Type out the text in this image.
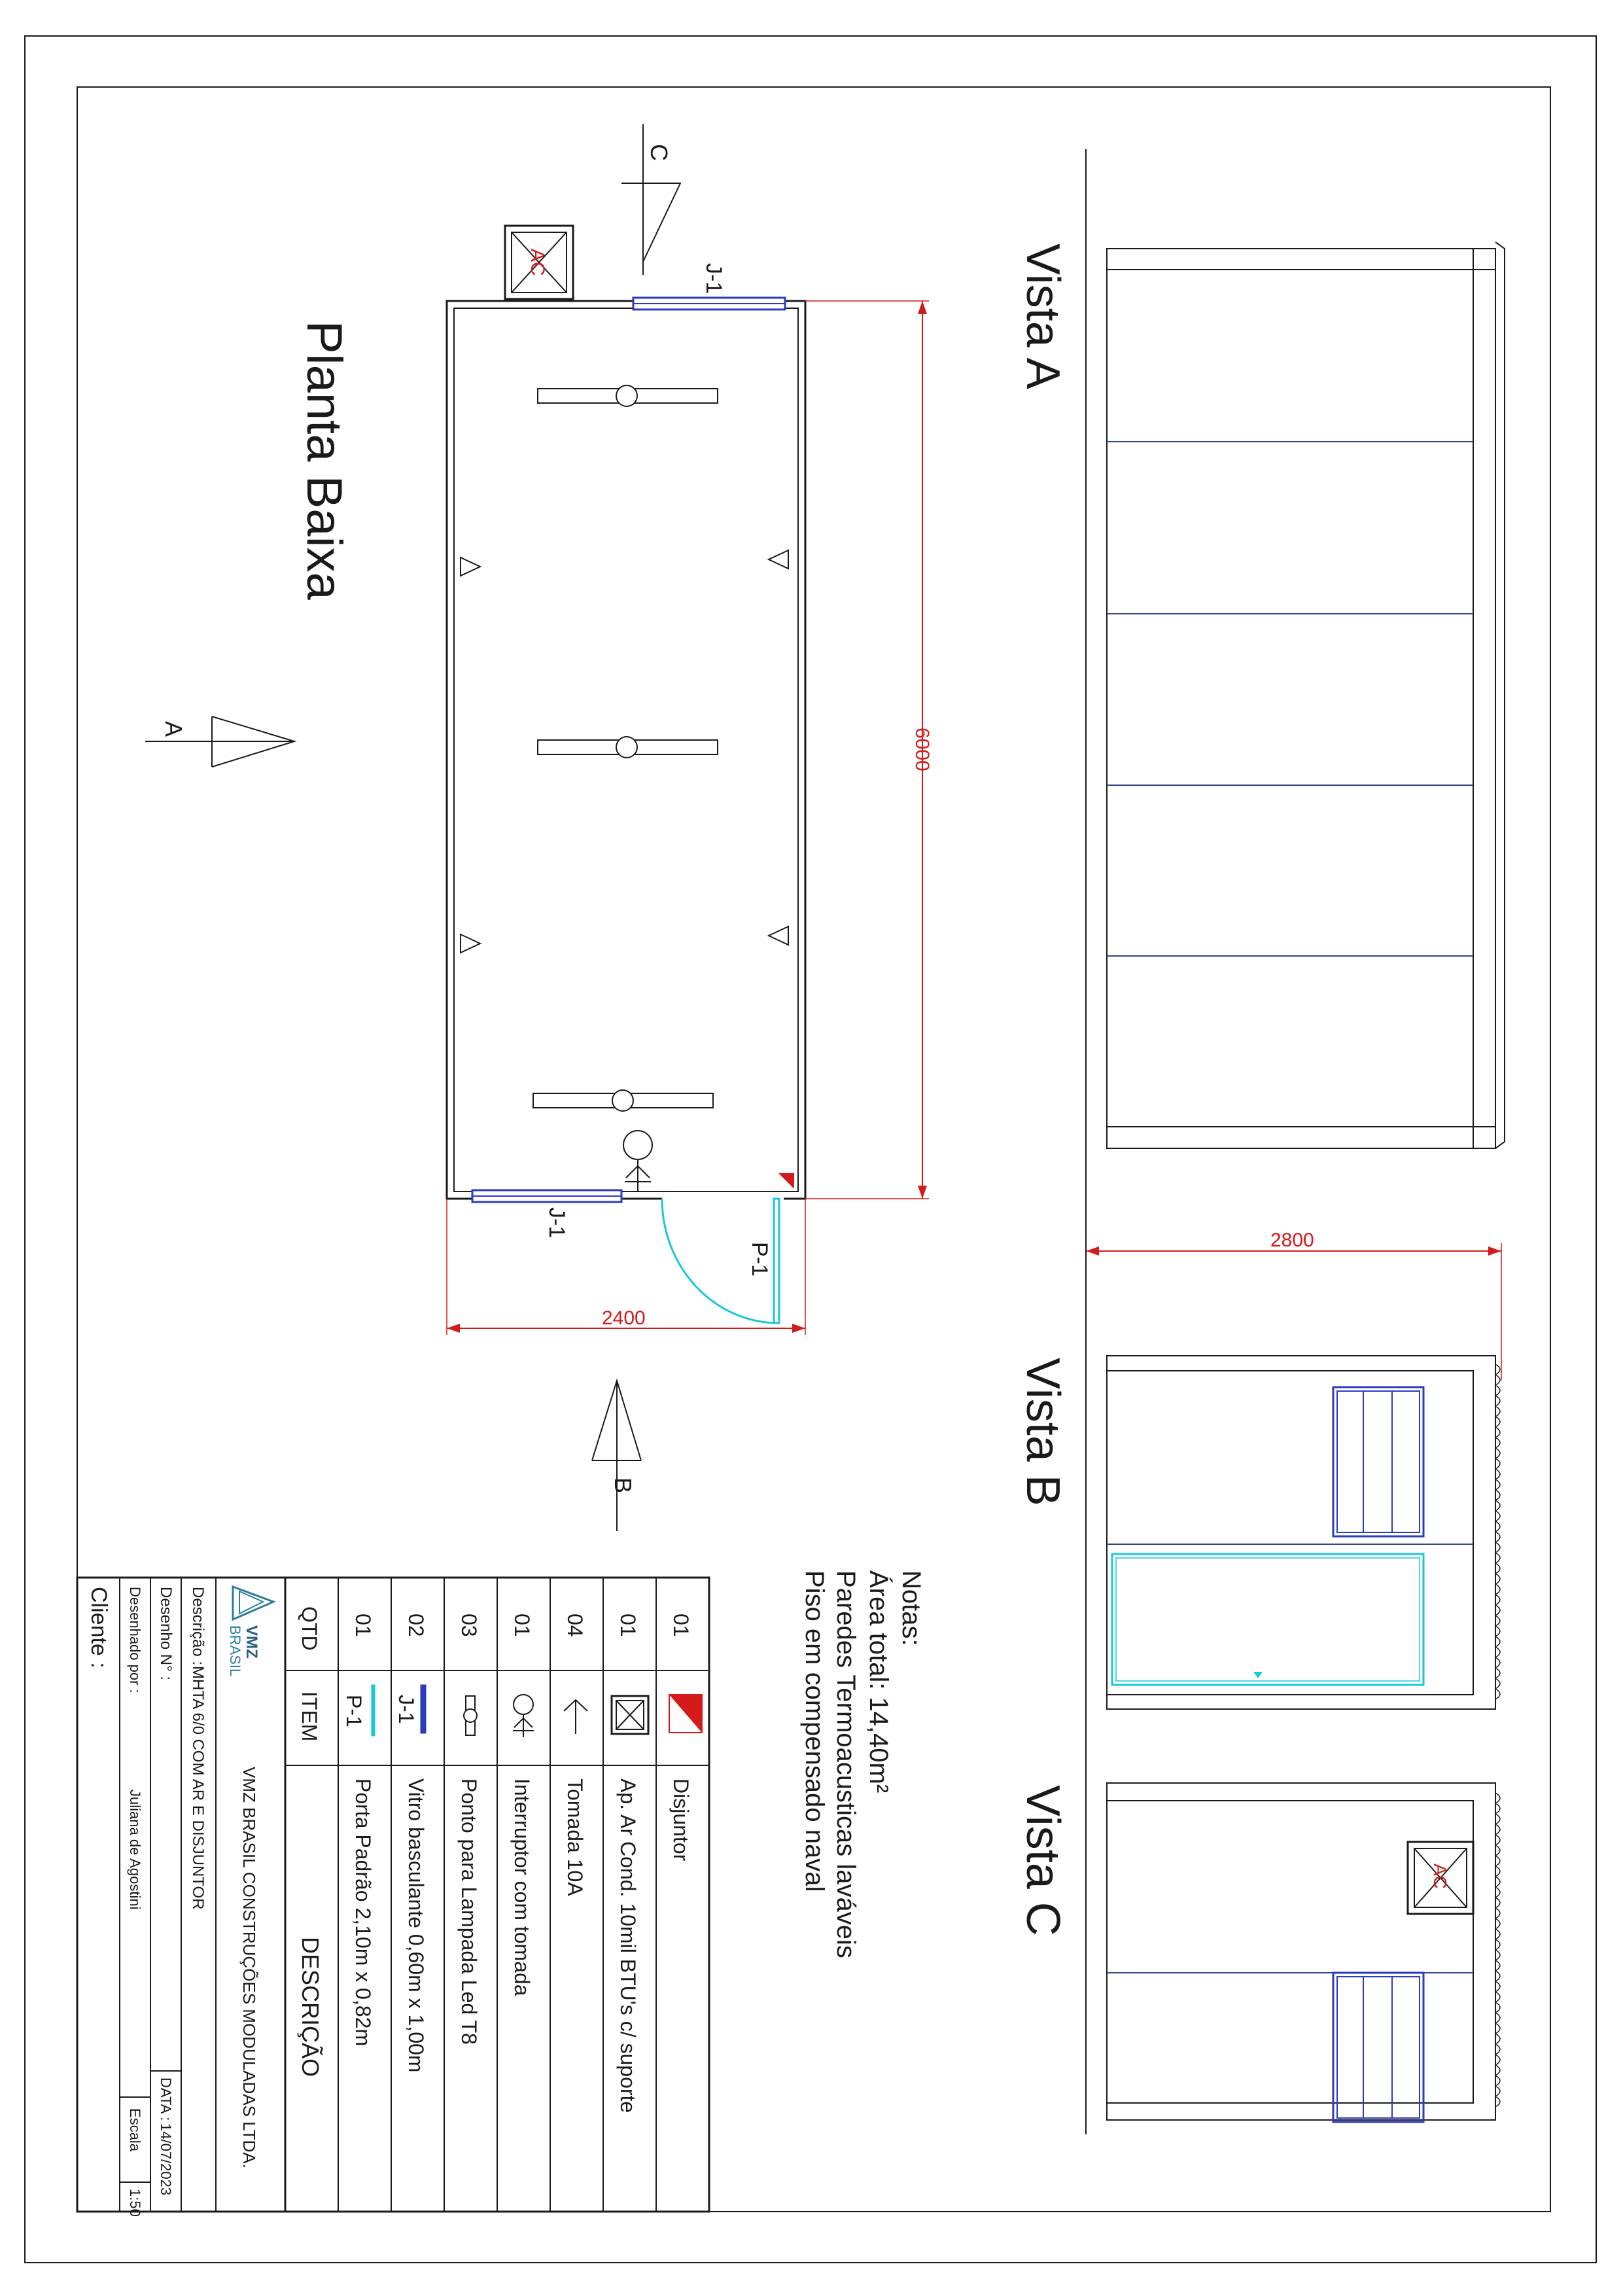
Planta Baixa
J-1
J-1
P-1
AC
6000
2400
A
B
C
Vista A
2800
Vista B
AC
Vista C
Notas:
Área total: 14,40m²
Paredes Termoacusticas laváveis
Piso em compensado naval
QTD
ITEM
DESCRIÇÃO
01
Disjuntor
01
Ap. Ar Cond. 10mil BTU's c/ suporte
04
Tomada 10A
01
Interruptor com tomada
03
Ponto para Lampada Led T8
02
J-1
Vitro basculante 0,60m x 1,00m
01
P-1
Porta Padrão 2,10m x 0,82m
VMZ
BRASIL
VMZ BRASIL CONSTRUÇÕES MODULADAS LTDA.
Descrição :
MHTA 6/0 COM AR E DISJUNTOR
Desenho N° :
DATA :
14/07/2023
Desenhado por :
Juliana de Agostini
Escala
1:50
Cliente :
